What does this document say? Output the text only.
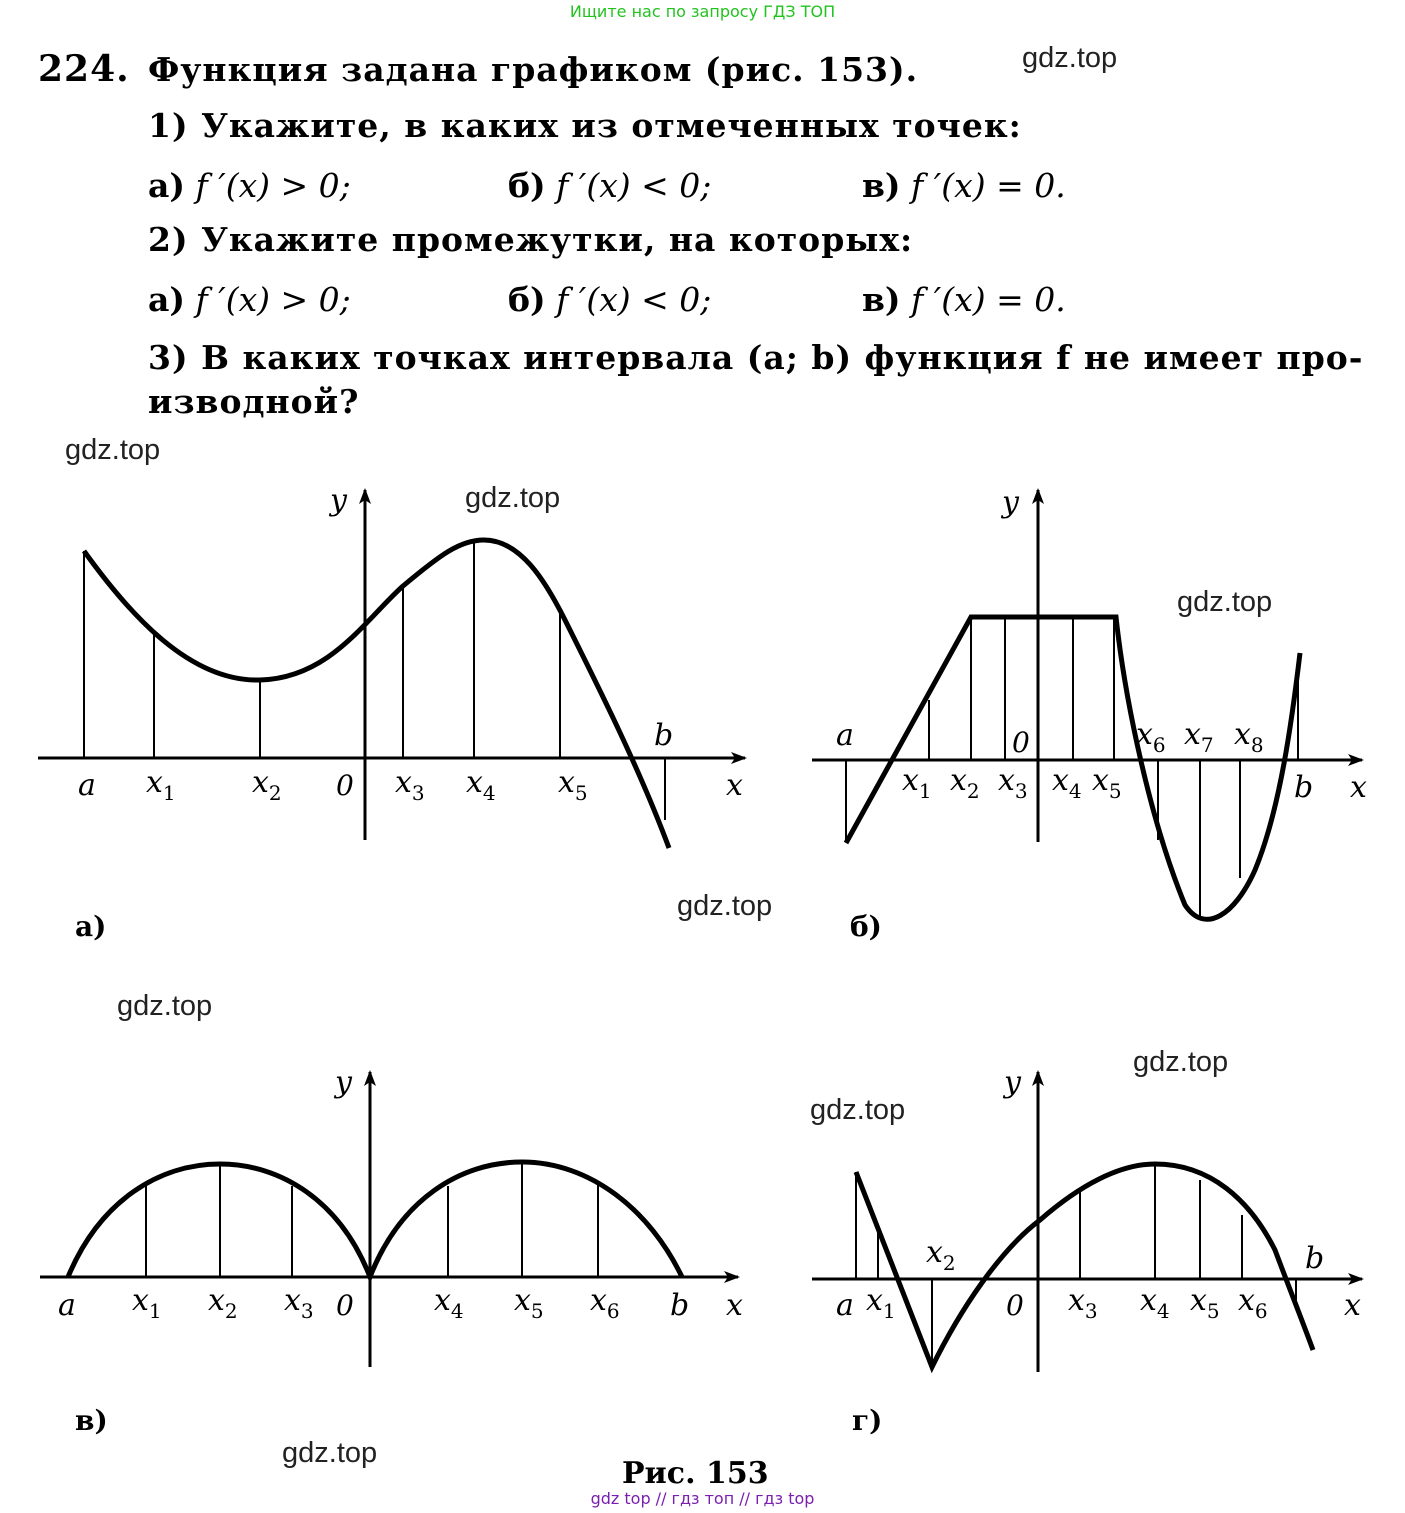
Ищите нас по запросу ГДЗ ТОП
gdz top // гдз топ // гдз top
gdz.top
gdz.top
gdz.top
gdz.top
gdz.top
gdz.top
gdz.top
gdz.top
gdz.top
224. Функция задана графиком (рис. 153).
1) Укажите, в каких из отмеченных точек:
а) f ′(x) > 0;	б) f ′(x) < 0;	в) f ′(x) = 0.
2) Укажите промежутки, на которых:
а) f ′(x) > 0;	б) f ′(x) < 0;	в) f ′(x) = 0.
3) В каких точках интервала (a; b) функция f не имеет про-
изводной?
y
x
0
a
b
$x_1$	$x_2$	$x_3$ $x_4$ $x_5$
y
x
0
a
b
$x_1$ $x_2$ $x_3$ $x_4$ $x_5$
$x_6$ $x_7$ $x_8$
y
x
0
a	b
$x_1$ $x_2$ $x_3$	$x_4$ $x_5$ $x_6$
y
x
0
a
b
$x_1$
$x_2$
$x_3$ $x_4$ $x_5$ $x_6$
а)	б)
в)	г)
Рис. 153
